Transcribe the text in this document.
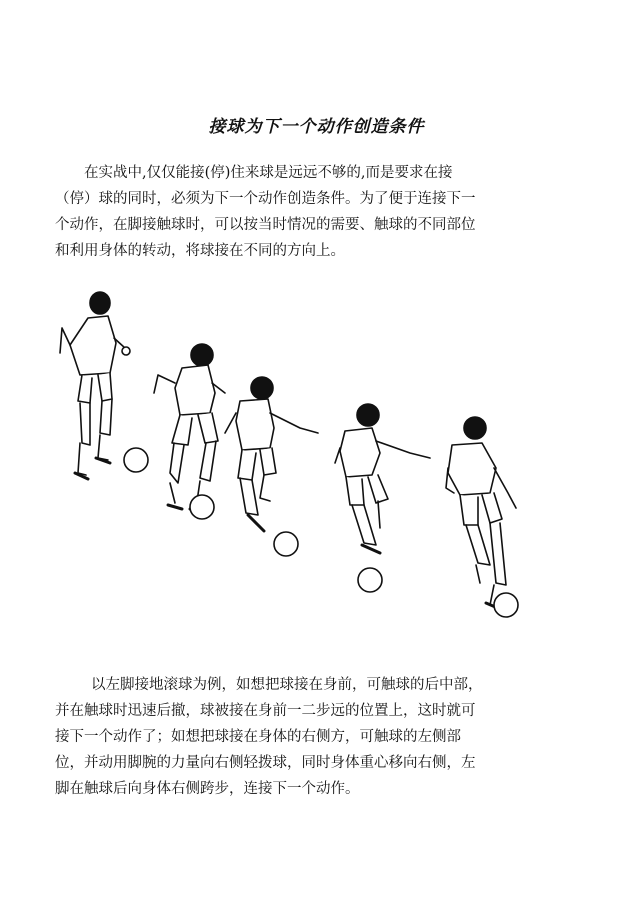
接球为下一个动作创造条件
在实战中,仅仅能接(停)住来球是远远不够的,而是要求在接
（停）球的同时，必须为下一个动作创造条件。为了便于连接下一
个动作，在脚接触球时，可以按当时情况的需要、触球的不同部位
和利用身体的转动，将球接在不同的方向上。
以左脚接地滚球为例，如想把球接在身前，可触球的后中部，
并在触球时迅速后撤，球被接在身前一二步远的位置上，这时就可
接下一个动作了；如想把球接在身体的右侧方，可触球的左侧部
位，并动用脚腕的力量向右侧轻拨球，同时身体重心移向右侧，左
脚在触球后向身体右侧跨步，连接下一个动作。
